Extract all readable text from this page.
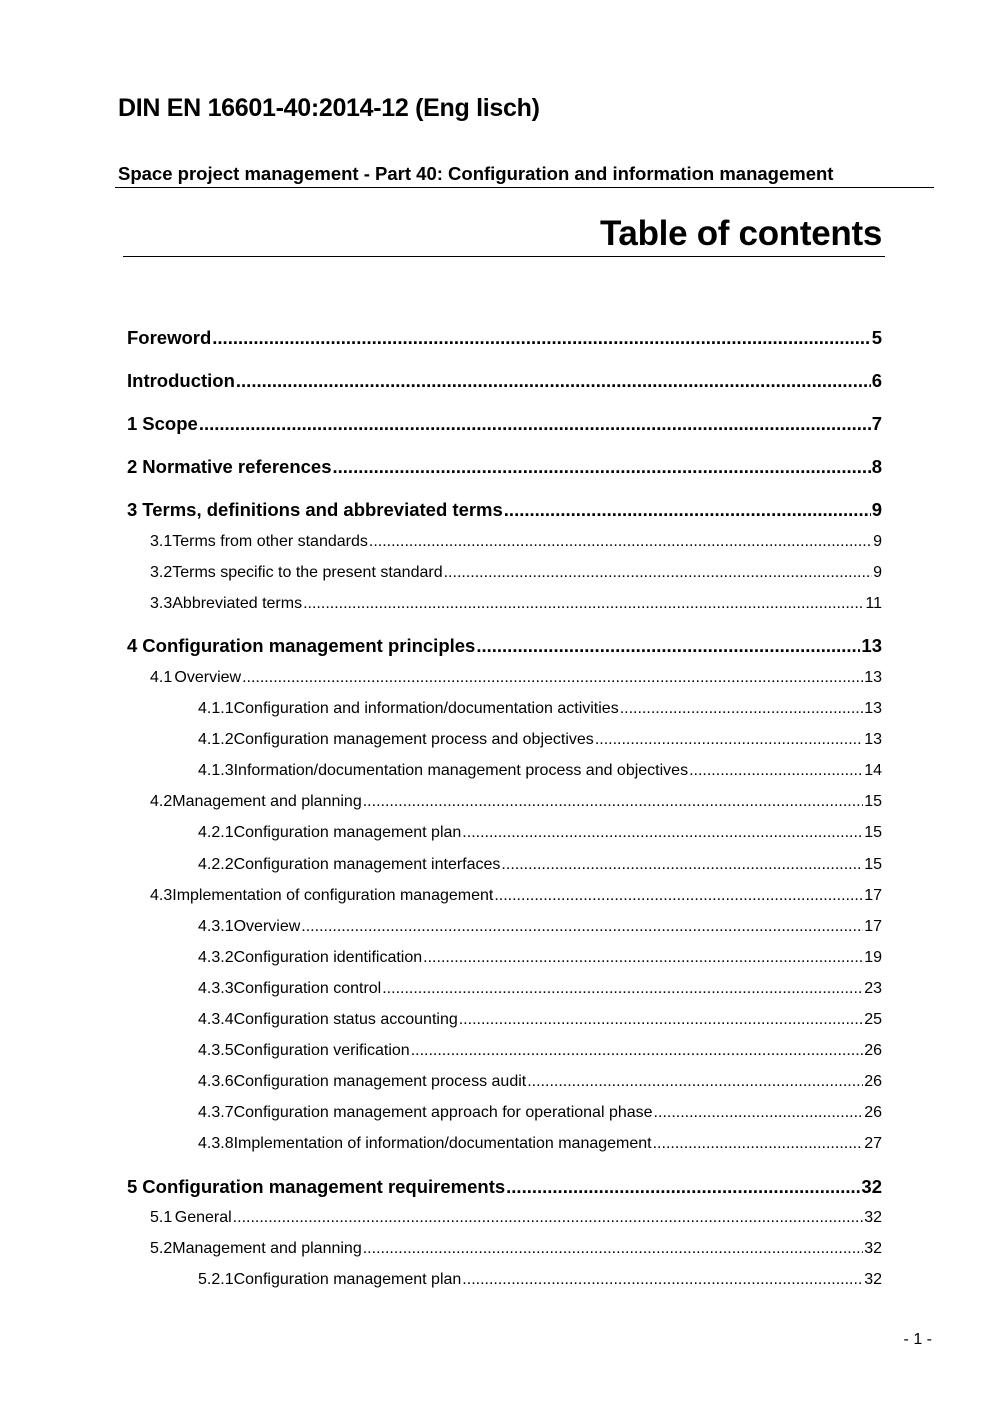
DIN EN 16601-40:2014-12 (Eng lisch)
Space project management - Part 40: Configuration and information management
Table of contents
Foreword .....	5
Introduction .....	6
1 Scope .....	7
2 Normative references .....	8
3 Terms, definitions and abbreviated terms .....	9
3.1 Terms from other standards .....	9
3.2 Terms specific to the present standard .....	9
3.3 Abbreviated terms .....	11
4 Configuration management principles .....	13
4.1 Overview .....	13
4.1.1 Configuration and information/documentation activities .....	13
4.1.2 Configuration management process and objectives .....	13
4.1.3 Information/documentation management process and objectives .....	14
4.2 Management and planning .....	15
4.2.1 Configuration management plan .....	15
4.2.2 Configuration management interfaces .....	15
4.3 Implementation of configuration management .....	17
4.3.1 Overview .....	17
4.3.2 Configuration identification .....	19
4.3.3 Configuration control .....	23
4.3.4 Configuration status accounting .....	25
4.3.5 Configuration verification .....	26
4.3.6 Configuration management process audit .....	26
4.3.7 Configuration management approach for operational phase .....	26
4.3.8 Implementation of information/documentation management .....	27
5 Configuration management requirements .....	32
5.1 General .....	32
5.2 Management and planning .....	32
5.2.1 Configuration management plan .....	32
- 1 -
